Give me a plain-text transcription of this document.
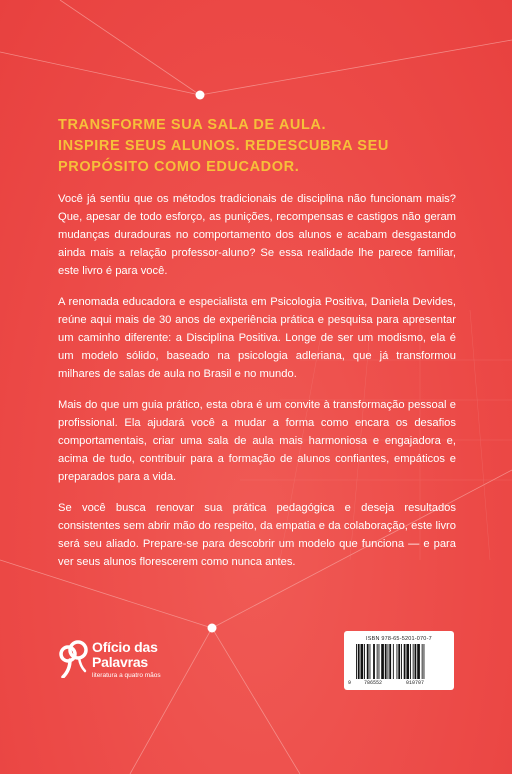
TRANSFORME SUA SALA DE AULA.
INSPIRE SEUS ALUNOS. REDESCUBRA SEU
PROPÓSITO COMO EDUCADOR.

Você já sentiu que os métodos tradicionais de disciplina não funcionam mais? Que, apesar de todo esforço, as punições, recompensas e castigos não geram mudanças duradouras no comportamento dos alunos e acabam desgastando ainda mais a relação professor-aluno? Se essa realidade lhe parece familiar, este livro é para você.

A renomada educadora e especialista em Psicologia Positiva, Daniela Devides, reúne aqui mais de 30 anos de experiência prática e pesquisa para apresentar um caminho diferente: a Disciplina Positiva. Longe de ser um modismo, ela é um modelo sólido, baseado na psicologia adleriana, que já transformou milhares de salas de aula no Brasil e no mundo.

Mais do que um guia prático, esta obra é um convite à transformação pessoal e profissional. Ela ajudará você a mudar a forma como encara os desafios comportamentais, criar uma sala de aula mais harmoniosa e engajadora e, acima de tudo, contribuir para a formação de alunos confiantes, empáticos e preparados para a vida.

Se você busca renovar sua prática pedagógica e deseja resultados consistentes sem abrir mão do respeito, da empatia e da colaboração, este livro será seu aliado. Prepare-se para descobrir um modelo que funciona — e para ver seus alunos florescerem como nunca antes.

Ofício das
Palavras
literatura a quatro mãos
ISBN 978-65-5201-070-7
9	786552	010707
